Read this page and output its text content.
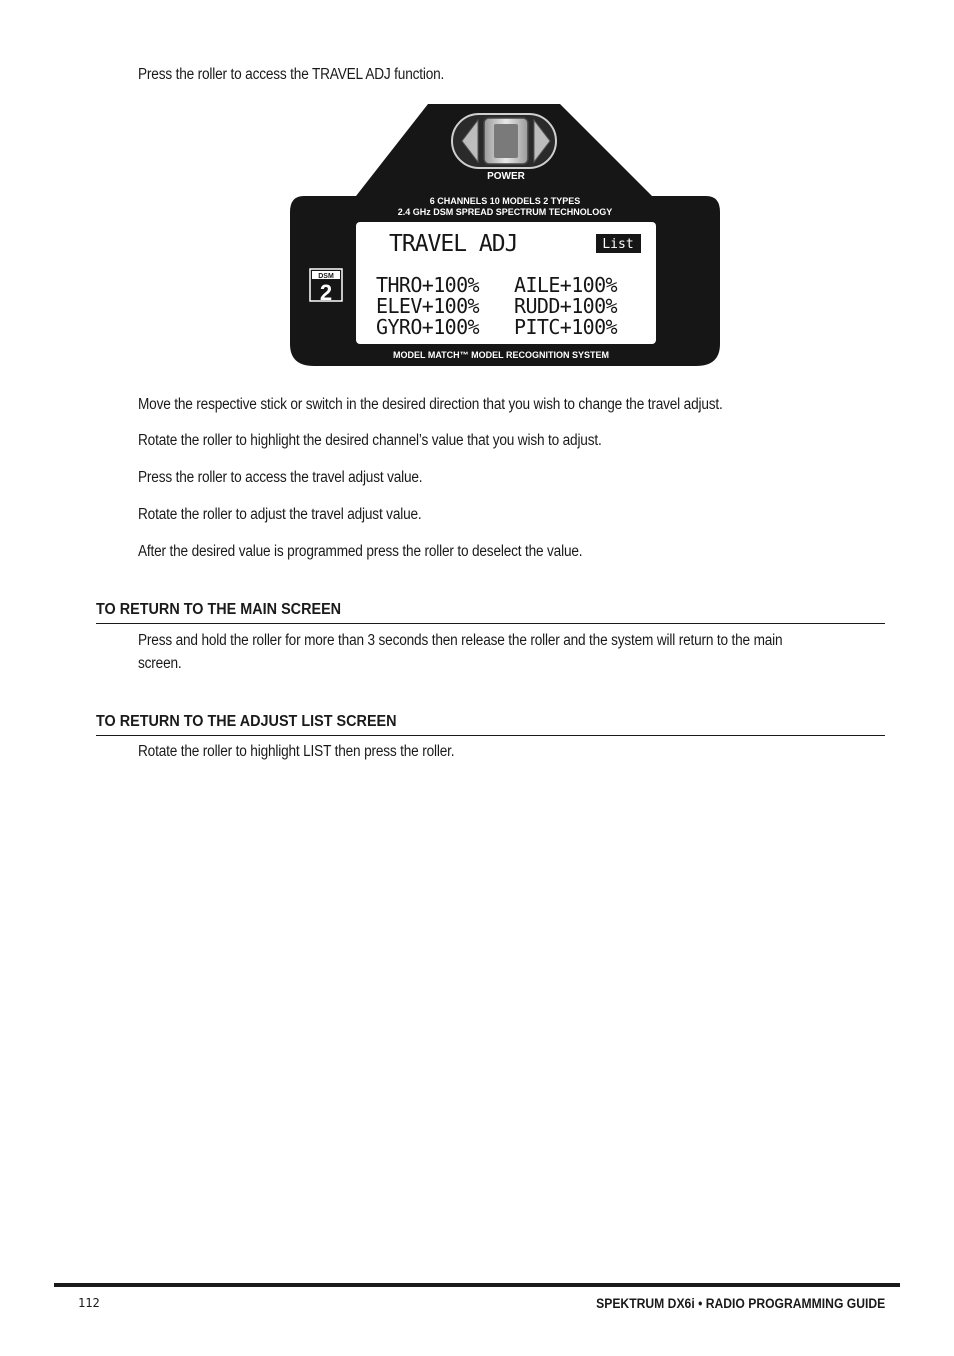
Press the roller to access the TRAVEL ADJ function.
POWER
6 CHANNELS 10 MODELS 2 TYPES
2.4 GHz DSM SPREAD SPECTRUM TECHNOLOGY
DSM
2
TRAVEL ADJ	List
THRO+100% AILE+100%
ELEV+100% RUDD+100%
GYRO+100% PITC+100%
MODEL MATCH™ MODEL RECOGNITION SYSTEM
Move the respective stick or switch in the desired direction that you wish to change the travel adjust.
Rotate the roller to highlight the desired channel’s value that you wish to adjust.
Press the roller to access the travel adjust value.
Rotate the roller to adjust the travel adjust value.
After the desired value is programmed press the roller to deselect the value.
TO RETURN TO THE MAIN SCREEN
Press and hold the roller for more than 3 seconds then release the roller and the system will return to the main screen.
TO RETURN TO THE ADJUST LIST SCREEN
Rotate the roller to highlight LIST then press the roller.
112	SPEKTRUM DX6i • RADIO PROGRAMMING GUIDE
